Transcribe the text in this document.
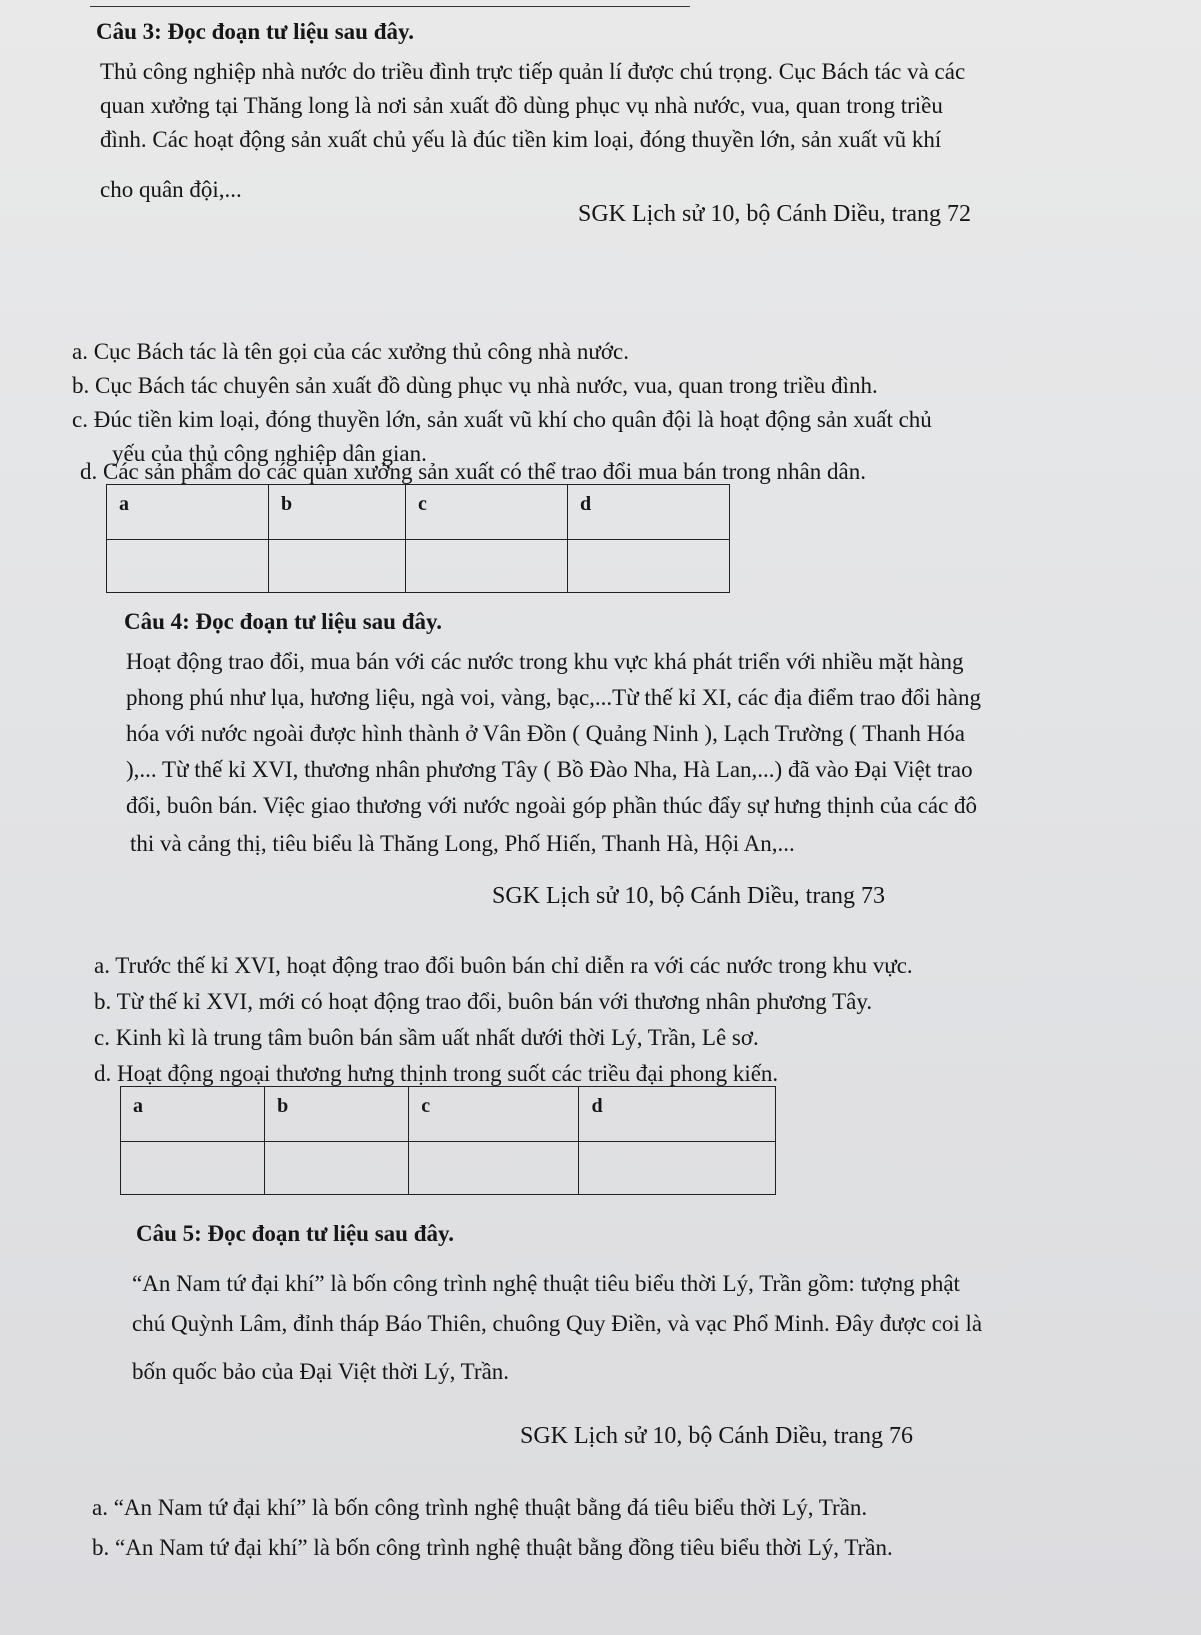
Câu 3: Đọc đoạn tư liệu sau đây.
Thủ công nghiệp nhà nước do triều đình trực tiếp quản lí được chú trọng. Cục Bách tác và các
quan xưởng tại Thăng long là nơi sản xuất đồ dùng phục vụ nhà nước, vua, quan trong triều
đình. Các hoạt động sản xuất chủ yếu là đúc tiền kim loại, đóng thuyền lớn, sản xuất vũ khí
cho quân đội,...
SGK Lịch sử 10, bộ Cánh Diều, trang 72
a. Cục Bách tác là tên gọi của các xưởng thủ công nhà nước.
b. Cục Bách tác chuyên sản xuất đồ dùng phục vụ nhà nước, vua, quan trong triều đình.
c. Đúc tiền kim loại, đóng thuyền lớn, sản xuất vũ khí cho quân đội là hoạt động sản xuất chủ
yếu của thủ công nghiệp dân gian.
d. Các sản phẩm do các quan xưởng sản xuất có thể trao đổi mua bán trong nhân dân.
a	b	c	d

Câu 4: Đọc đoạn tư liệu sau đây.
Hoạt động trao đổi, mua bán với các nước trong khu vực khá phát triển với nhiều mặt hàng
phong phú như lụa, hương liệu, ngà voi, vàng, bạc,...Từ thế kỉ XI, các địa điểm trao đổi hàng
hóa với nước ngoài được hình thành ở Vân Đồn ( Quảng Ninh ), Lạch Trường ( Thanh Hóa
),... Từ thế kỉ XVI, thương nhân phương Tây ( Bồ Đào Nha, Hà Lan,...) đã vào Đại Việt trao
đổi, buôn bán. Việc giao thương với nước ngoài góp phần thúc đẩy sự hưng thịnh của các đô
thi và cảng thị, tiêu biểu là Thăng Long, Phố Hiến, Thanh Hà, Hội An,...
SGK Lịch sử 10, bộ Cánh Diều, trang 73
a. Trước thế kỉ XVI, hoạt động trao đổi buôn bán chỉ diễn ra với các nước trong khu vực.
b. Từ thế kỉ XVI, mới có hoạt động trao đổi, buôn bán với thương nhân phương Tây.
c. Kinh kì là trung tâm buôn bán sầm uất nhất dưới thời Lý, Trần, Lê sơ.
d. Hoạt động ngoại thương hưng thịnh trong suốt các triều đại phong kiến.
a	b	c	d

Câu 5: Đọc đoạn tư liệu sau đây.
“An Nam tứ đại khí” là bốn công trình nghệ thuật tiêu biểu thời Lý, Trần gồm: tượng phật
chú Quỳnh Lâm, đỉnh tháp Báo Thiên, chuông Quy Điền, và vạc Phổ Minh. Đây được coi là
bốn quốc bảo của Đại Việt thời Lý, Trần.
SGK Lịch sử 10, bộ Cánh Diều, trang 76
a. “An Nam tứ đại khí” là bốn công trình nghệ thuật bằng đá tiêu biểu thời Lý, Trần.
b. “An Nam tứ đại khí” là bốn công trình nghệ thuật bằng đồng tiêu biểu thời Lý, Trần.
